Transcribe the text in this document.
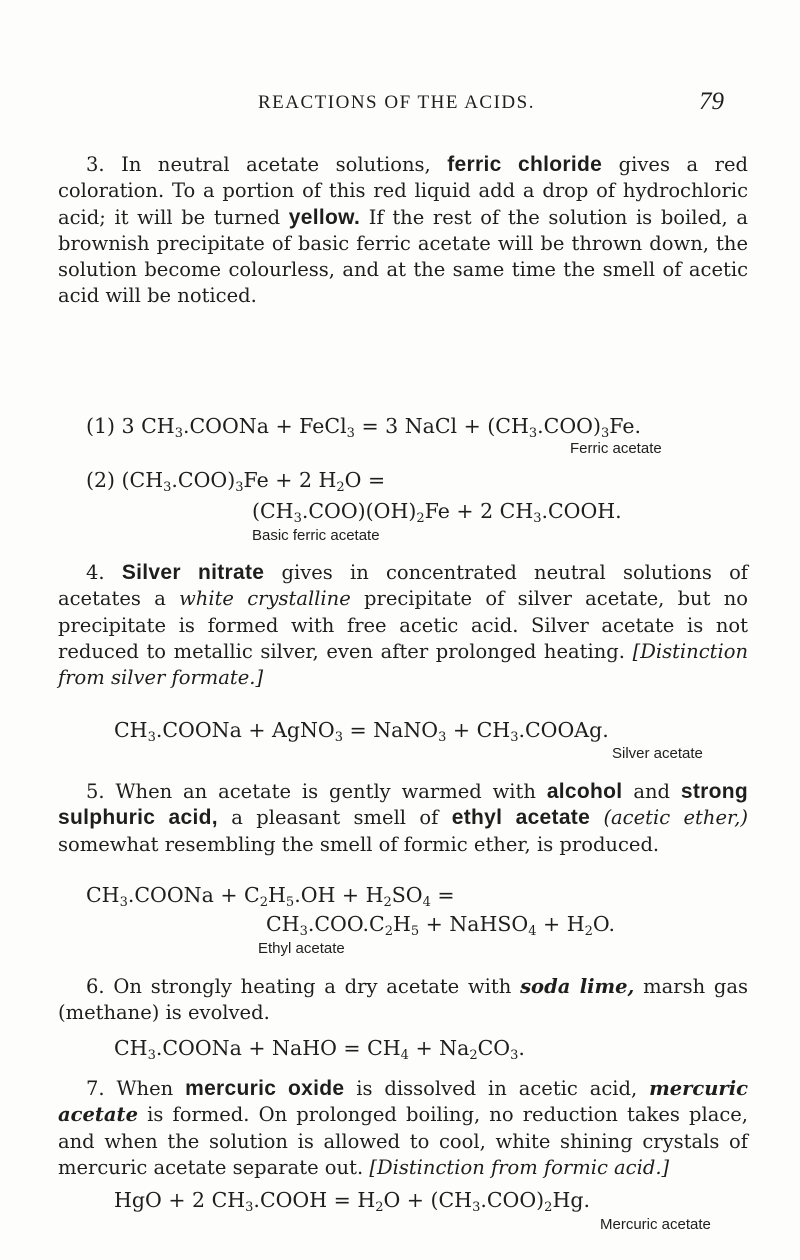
REACTIONS OF THE ACIDS.	79

3. In neutral acetate solutions, ferric chloride gives a red coloration. To a portion of this red liquid add a drop of hydrochloric acid; it will be turned yellow. If the rest of the solution is boiled, a brownish precipitate of basic ferric acetate will be thrown down, the solution become colourless, and at the same time the smell of acetic acid will be noticed.

(1) 3 $CH_3.COONa$ + FeCl$_3$ = 3 NaCl + $(CH_3.COO)_3Fe$.
Ferric acetate
(2) $(CH_3.COO)_3Fe + 2$ $H_2O$ =
$(CH_3.COO)(OH)_2Fe + 2$ $CH_3.COOH$.
Basic ferric acetate

4. Silver nitrate gives in concentrated neutral solutions of acetates a white crystalline precipitate of silver acetate, but no precipitate is formed with free acetic acid. Silver acetate is not reduced to metallic silver, even after prolonged heating. [Distinction from silver formate.]

$CH_3.COONa$ + AgNO$_3$ = NaNO$_3$ + $CH_3.COOAg$.
Silver acetate

5. When an acetate is gently warmed with alcohol and strong sulphuric acid, a pleasant smell of ethyl acetate (acetic ether,) somewhat resembling the smell of formic ether, is produced.

$CH_3.COONa + C_2H_5.OH + H_2SO_4$ =
$CH_3.COO.C_2H_5$ + NaHSO$_4$ + $H_2O$.
Ethyl acetate

6. On strongly heating a dry acetate with soda lime, marsh gas (methane) is evolved.

$CH_3.COONa$ + NaHO = $CH_4 + Na_2CO_3$.

7. When mercuric oxide is dissolved in acetic acid, mercuric acetate is formed. On prolonged boiling, no reduction takes place, and when the solution is allowed to cool, white shining crystals of mercuric acetate separate out. [Distinction from formic acid.]

HgO + 2 $CH_3.COOH = H_2O + (CH_3.COO)_2Hg$.
Mercuric acetate
